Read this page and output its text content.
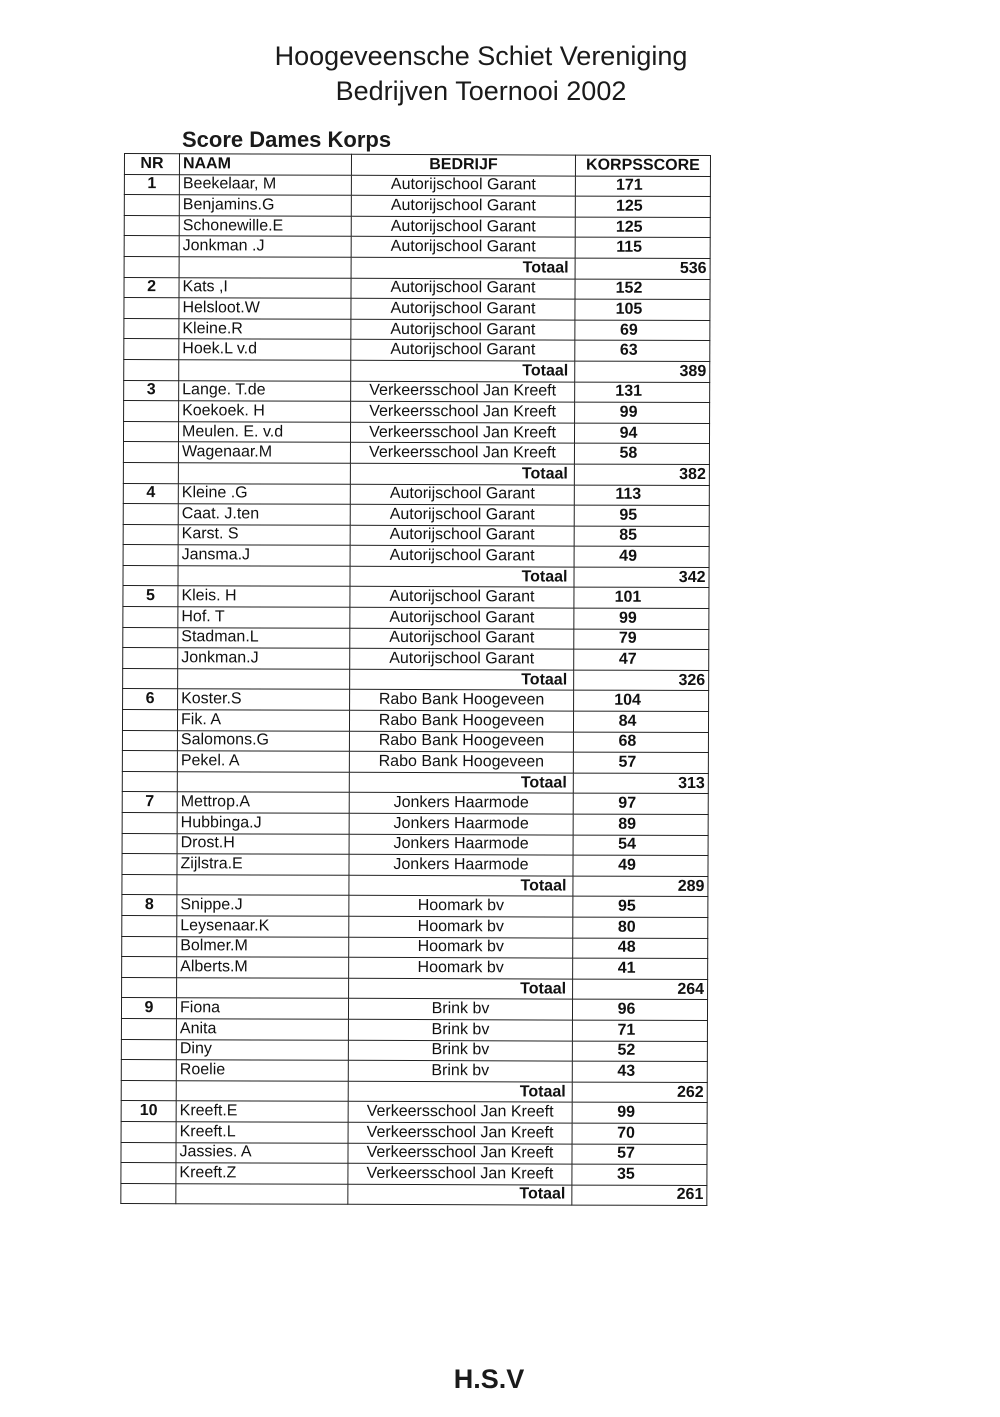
Hoogeveensche Schiet Vereniging
Bedrijven Toernooi 2002
Score Dames Korps
NR	NAAM	BEDRIJF	KORPSSCORE
1	Beekelaar, M	Autorijschool Garant	171
	Benjamins.G	Autorijschool Garant	125
	Schonewille.E	Autorijschool Garant	125
	Jonkman .J	Autorijschool Garant	115
		Totaal	536
2	Kats ,I	Autorijschool Garant	152
	Helsloot.W	Autorijschool Garant	105
	Kleine.R	Autorijschool Garant	69
	Hoek.L v.d	Autorijschool Garant	63
		Totaal	389
3	Lange. T.de	Verkeersschool Jan Kreeft	131
	Koekoek. H	Verkeersschool Jan Kreeft	99
	Meulen. E. v.d	Verkeersschool Jan Kreeft	94
	Wagenaar.M	Verkeersschool Jan Kreeft	58
		Totaal	382
4	Kleine .G	Autorijschool Garant	113
	Caat. J.ten	Autorijschool Garant	95
	Karst. S	Autorijschool Garant	85
	Jansma.J	Autorijschool Garant	49
		Totaal	342
5	Kleis. H	Autorijschool Garant	101
	Hof. T	Autorijschool Garant	99
	Stadman.L	Autorijschool Garant	79
	Jonkman.J	Autorijschool Garant	47
		Totaal	326
6	Koster.S	Rabo Bank Hoogeveen	104
	Fik. A	Rabo Bank Hoogeveen	84
	Salomons.G	Rabo Bank Hoogeveen	68
	Pekel. A	Rabo Bank Hoogeveen	57
		Totaal	313
7	Mettrop.A	Jonkers Haarmode	97
	Hubbinga.J	Jonkers Haarmode	89
	Drost.H	Jonkers Haarmode	54
	Zijlstra.E	Jonkers Haarmode	49
		Totaal	289
8	Snippe.J	Hoomark bv	95
	Leysenaar.K	Hoomark bv	80
	Bolmer.M	Hoomark bv	48
	Alberts.M	Hoomark bv	41
		Totaal	264
9	Fiona	Brink bv	96
	Anita	Brink bv	71
	Diny	Brink bv	52
	Roelie	Brink bv	43
		Totaal	262
10	Kreeft.E	Verkeersschool Jan Kreeft	99
	Kreeft.L	Verkeersschool Jan Kreeft	70
	Jassies. A	Verkeersschool Jan Kreeft	57
	Kreeft.Z	Verkeersschool Jan Kreeft	35
		Totaal	261
H.S.V
